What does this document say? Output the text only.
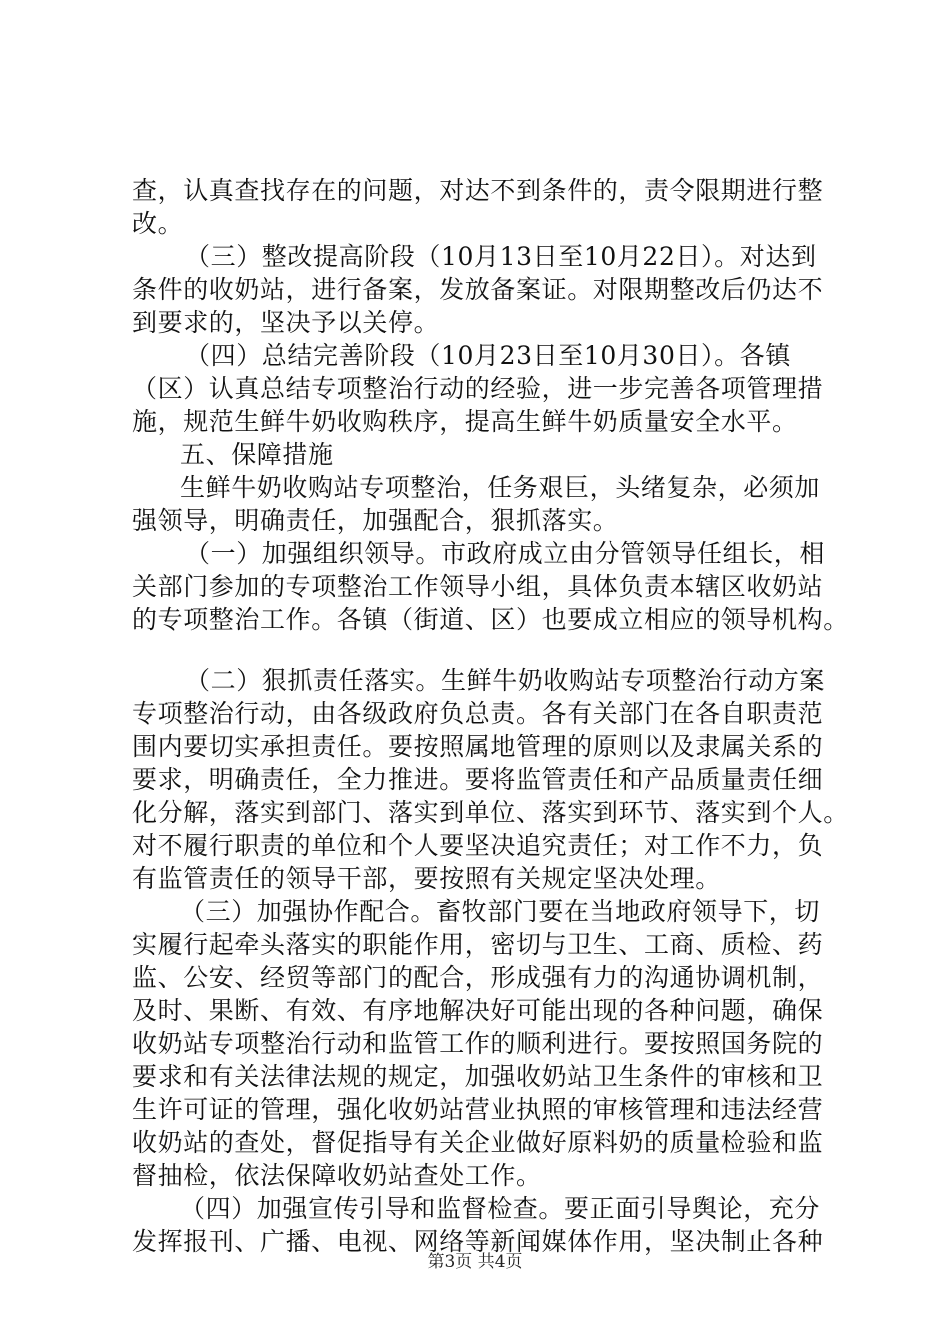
查，认真查找存在的问题，对达不到条件的，责令限期进行整
改。
（三）整改提高阶段（10月13日至10月22日）。对达到
条件的收奶站，进行备案，发放备案证。对限期整改后仍达不
到要求的，坚决予以关停。
（四）总结完善阶段（10月23日至10月30日）。各镇
（区）认真总结专项整治行动的经验，进一步完善各项管理措
施，规范生鲜牛奶收购秩序，提高生鲜牛奶质量安全水平。
五、保障措施
生鲜牛奶收购站专项整治，任务艰巨，头绪复杂，必须加
强领导，明确责任，加强配合，狠抓落实。
（一）加强组织领导。市政府成立由分管领导任组长，相
关部门参加的专项整治工作领导小组，具体负责本辖区收奶站
的专项整治工作。各镇（街道、区）也要成立相应的领导机构。
（二）狠抓责任落实。生鲜牛奶收购站专项整治行动方案
专项整治行动，由各级政府负总责。各有关部门在各自职责范
围内要切实承担责任。要按照属地管理的原则以及隶属关系的
要求，明确责任，全力推进。要将监管责任和产品质量责任细
化分解，落实到部门、落实到单位、落实到环节、落实到个人。
对不履行职责的单位和个人要坚决追究责任；对工作不力，负
有监管责任的领导干部，要按照有关规定坚决处理。
（三）加强协作配合。畜牧部门要在当地政府领导下，切
实履行起牵头落实的职能作用，密切与卫生、工商、质检、药
监、公安、经贸等部门的配合，形成强有力的沟通协调机制，
及时、果断、有效、有序地解决好可能出现的各种问题，确保
收奶站专项整治行动和监管工作的顺利进行。要按照国务院的
要求和有关法律法规的规定，加强收奶站卫生条件的审核和卫
生许可证的管理，强化收奶站营业执照的审核管理和违法经营
收奶站的查处，督促指导有关企业做好原料奶的质量检验和监
督抽检，依法保障收奶站查处工作。
（四）加强宣传引导和监督检查。要正面引导舆论，充分
发挥报刊、广播、电视、网络等新闻媒体作用，坚决制止各种
第3页 共4页
